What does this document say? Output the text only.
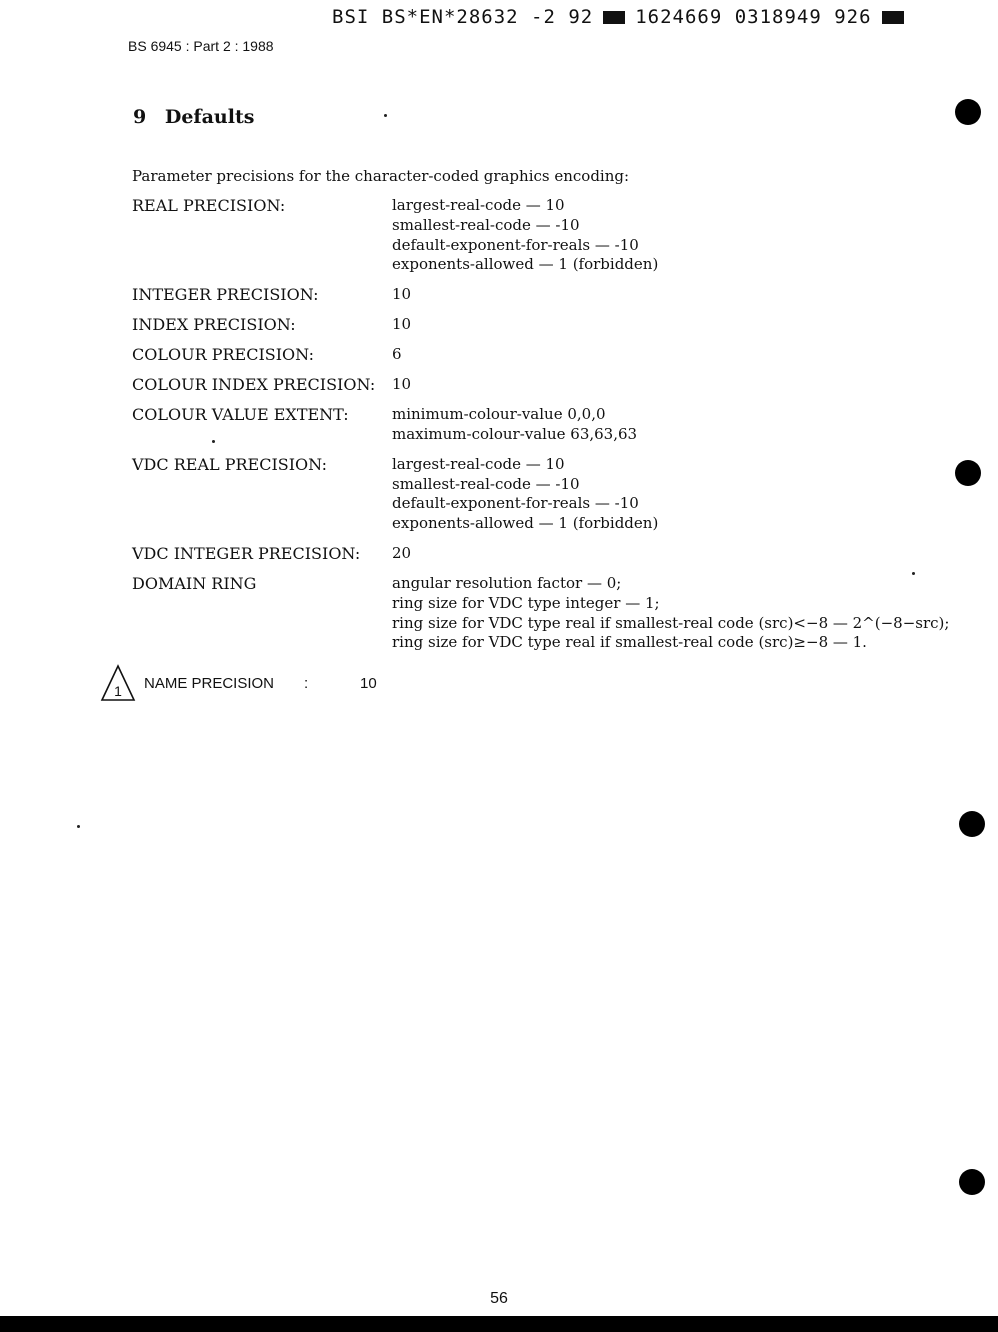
BSI BS*EN*28632 -2 92 1624669 0318949 926
BS 6945 : Part 2 : 1988
9 Defaults
Parameter precisions for the character-coded graphics encoding:
REAL PRECISION:	largest-real-code — 10
smallest-real-code — -10
default-exponent-for-reals — -10
exponents-allowed — 1 (forbidden)
INTEGER PRECISION:	10
INDEX PRECISION:	10
COLOUR PRECISION:	6
COLOUR INDEX PRECISION:	10
COLOUR VALUE EXTENT:	minimum-colour-value 0,0,0
maximum-colour-value 63,63,63
VDC REAL PRECISION:	largest-real-code — 10
smallest-real-code — -10
default-exponent-for-reals — -10
exponents-allowed — 1 (forbidden)
VDC INTEGER PRECISION:	20
DOMAIN RING	angular resolution factor — 0;
ring size for VDC type integer — 1;
ring size for VDC type real if smallest-real code (src)<−8 — 2^(−8−src);
ring size for VDC type real if smallest-real code (src)≥−8 — 1.
1 NAME PRECISION	:	10
56
